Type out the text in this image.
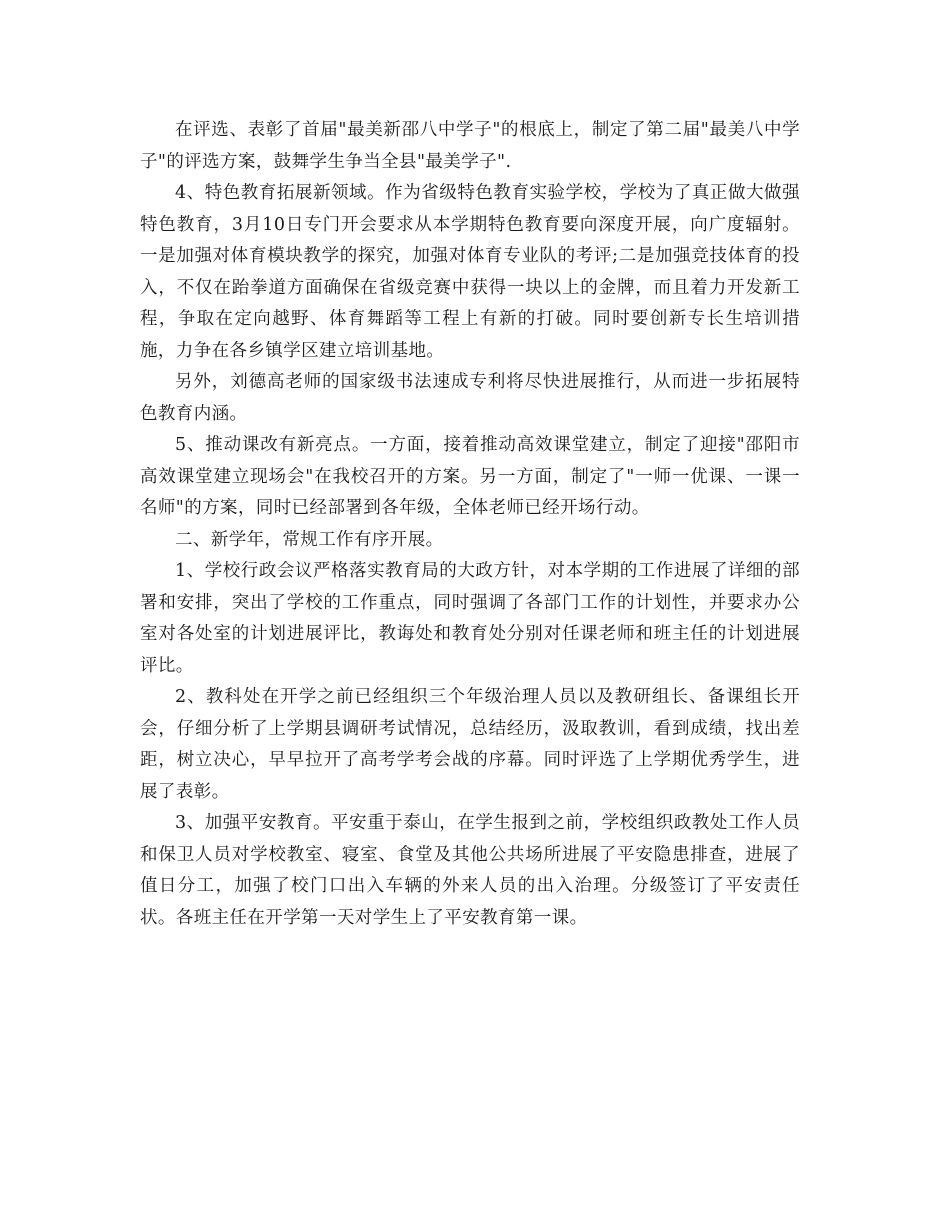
在评选、表彰了首届"最美新邵八中学子"的根底上，制定了第二届"最美八中学子"的评选方案，鼓舞学生争当全县"最美学子".

4、特色教育拓展新领域。作为省级特色教育实验学校，学校为了真正做大做强特色教育，3月10日专门开会要求从本学期特色教育要向深度开展，向广度辐射。一是加强对体育模块教学的探究，加强对体育专业队的考评;二是加强竞技体育的投入，不仅在跆拳道方面确保在省级竞赛中获得一块以上的金牌，而且着力开发新工程，争取在定向越野、体育舞蹈等工程上有新的打破。同时要创新专长生培训措施，力争在各乡镇学区建立培训基地。

另外，刘德高老师的国家级书法速成专利将尽快进展推行，从而进一步拓展特色教育内涵。

5、推动课改有新亮点。一方面，接着推动高效课堂建立，制定了迎接"邵阳市高效课堂建立现场会"在我校召开的方案。另一方面，制定了"一师一优课、一课一名师"的方案，同时已经部署到各年级，全体老师已经开场行动。

二、新学年，常规工作有序开展。

1、学校行政会议严格落实教育局的大政方针，对本学期的工作进展了详细的部署和安排，突出了学校的工作重点，同时强调了各部门工作的计划性，并要求办公室对各处室的计划进展评比，教诲处和教育处分别对任课老师和班主任的计划进展评比。

2、教科处在开学之前已经组织三个年级治理人员以及教研组长、备课组长开会，仔细分析了上学期县调研考试情况，总结经历，汲取教训，看到成绩，找出差距，树立决心，早早拉开了高考学考会战的序幕。同时评选了上学期优秀学生，进展了表彰。

3、加强平安教育。平安重于泰山，在学生报到之前，学校组织政教处工作人员和保卫人员对学校教室、寝室、食堂及其他公共场所进展了平安隐患排查，进展了值日分工，加强了校门口出入车辆的外来人员的出入治理。分级签订了平安责任状。各班主任在开学第一天对学生上了平安教育第一课。
